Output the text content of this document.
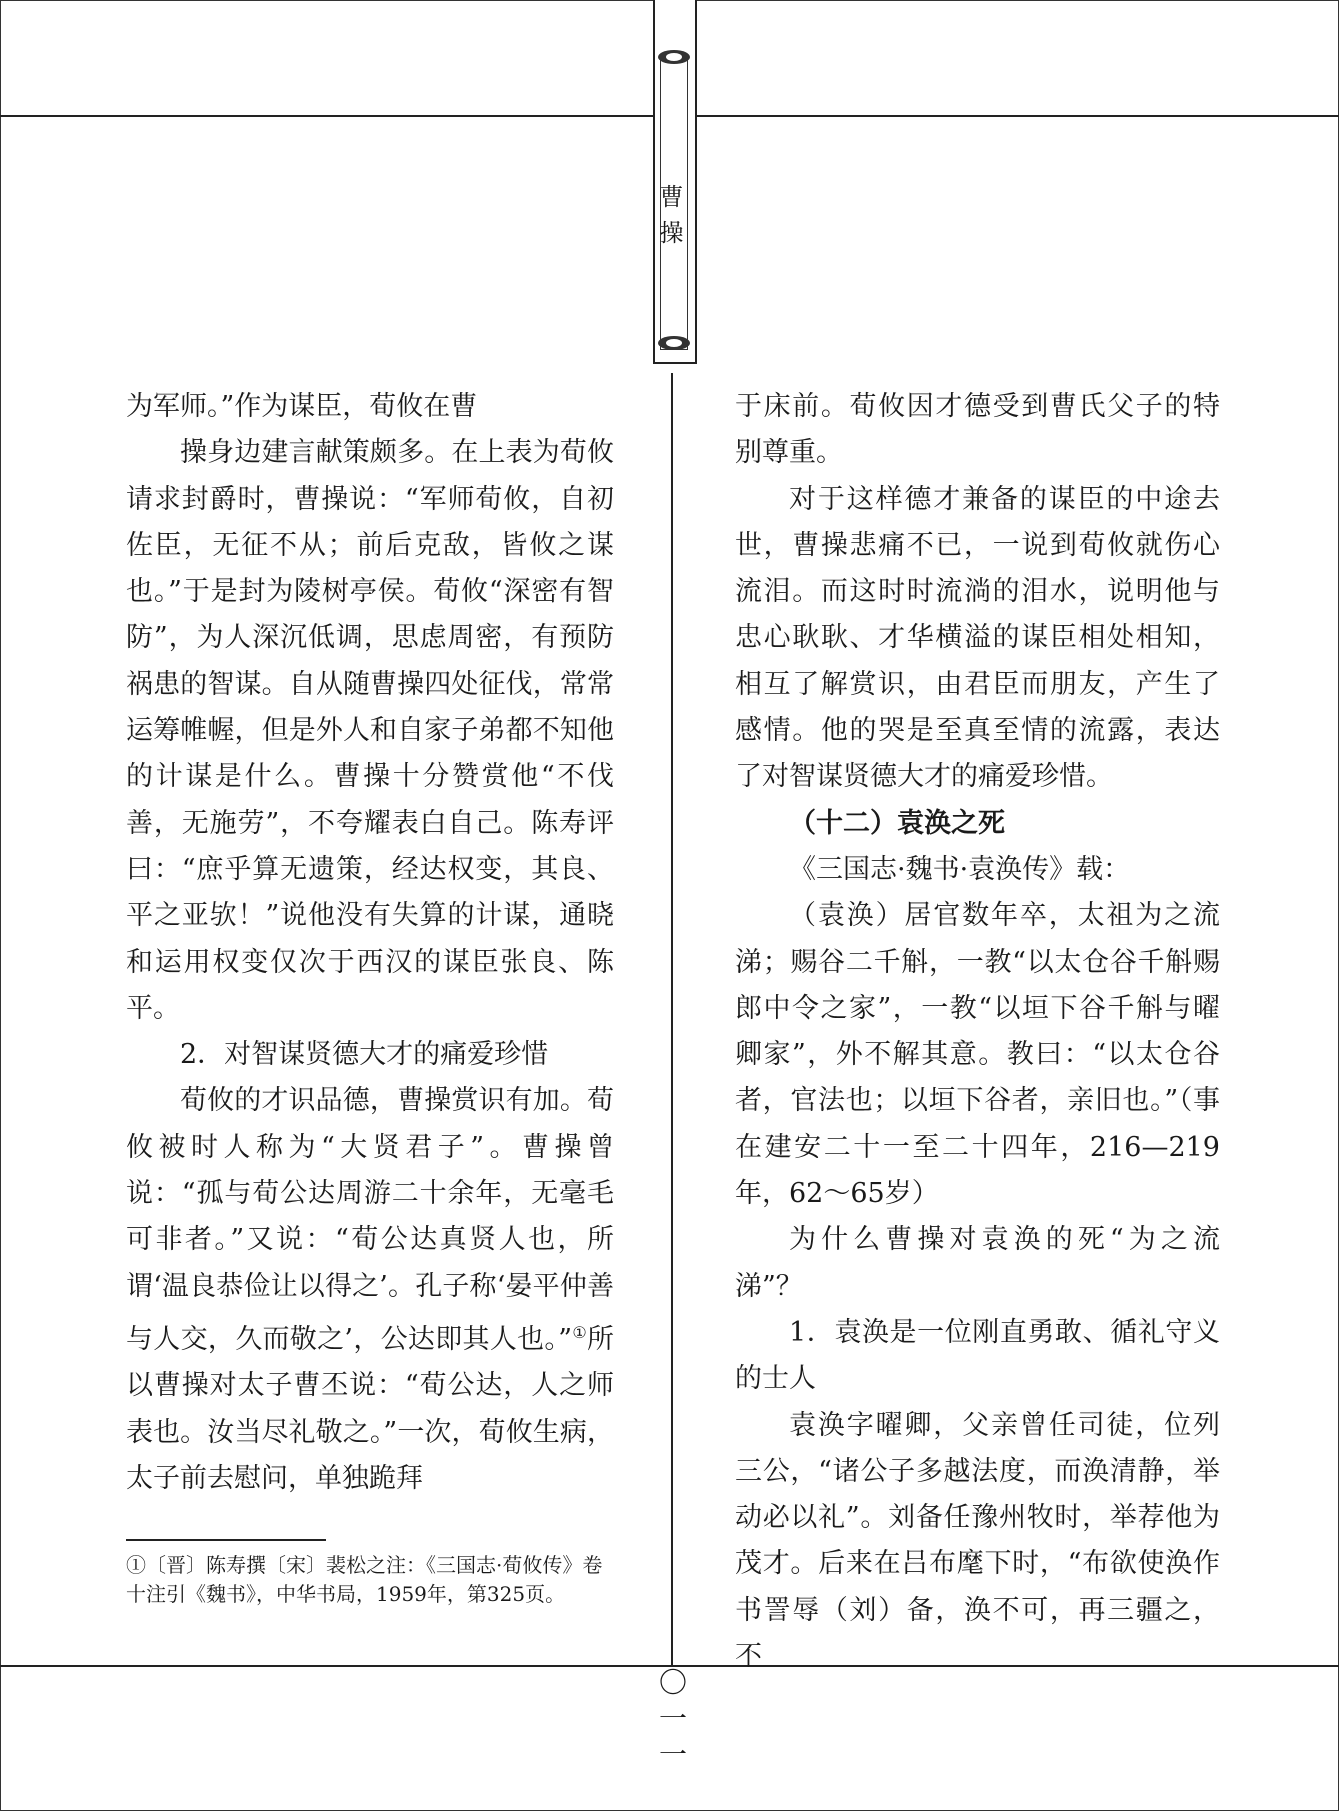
曹操

为军师。”作为谋臣，荀攸在曹

操身边建言献策颇多。在上表为荀攸请求封爵时，曹操说：“军师荀攸，自初佐臣，无征不从；前后克敌，皆攸之谋也。”于是封为陵树亭侯。荀攸“深密有智防”，为人深沉低调，思虑周密，有预防祸患的智谋。自从随曹操四处征伐，常常运筹帷幄，但是外人和自家子弟都不知他的计谋是什么。曹操十分赞赏他“不伐善，无施劳”，不夸耀表白自己。陈寿评曰：“庶乎算无遗策，经达权变，其良、平之亚欤！”说他没有失算的计谋，通晓和运用权变仅次于西汉的谋臣张良、陈平。

2．对智谋贤德大才的痛爱珍惜

荀攸的才识品德，曹操赏识有加。荀攸被时人称为“大贤君子”。曹操曾说：“孤与荀公达周游二十余年，无毫毛可非者。”又说：“荀公达真贤人也，所谓‘温良恭俭让以得之’。孔子称‘晏平仲善与人交，久而敬之’，公达即其人也。”①所以曹操对太子曹丕说：“荀公达，人之师表也。汝当尽礼敬之。”一次，荀攸生病，太子前去慰问，单独跪拜

于床前。荀攸因才德受到曹氏父子的特别尊重。

对于这样德才兼备的谋臣的中途去世，曹操悲痛不已，一说到荀攸就伤心流泪。而这时时流淌的泪水，说明他与忠心耿耿、才华横溢的谋臣相处相知，相互了解赏识，由君臣而朋友，产生了感情。他的哭是至真至情的流露，表达了对智谋贤德大才的痛爱珍惜。

（十二）袁涣之死

《三国志·魏书·袁涣传》载：

（袁涣）居官数年卒，太祖为之流涕；赐谷二千斛，一教“以太仓谷千斛赐郎中令之家”，一教“以垣下谷千斛与曜卿家”，外不解其意。教曰：“以太仓谷者，官法也；以垣下谷者，亲旧也。”（事在建安二十一至二十四年，216—219年，62～65岁）

为什么曹操对袁涣的死“为之流涕”？

1．袁涣是一位刚直勇敢、循礼守义的士人

袁涣字曜卿，父亲曾任司徒，位列三公，“诸公子多越法度，而涣清静，举动必以礼”。刘备任豫州牧时，举荐他为茂才。后来在吕布麾下时，“布欲使涣作书詈辱（刘）备，涣不可，再三疆之，不

①〔晋〕陈寿撰〔宋〕裴松之注：《三国志·荀攸传》卷十注引《魏书》，中华书局，1959年，第325页。
〇一一
